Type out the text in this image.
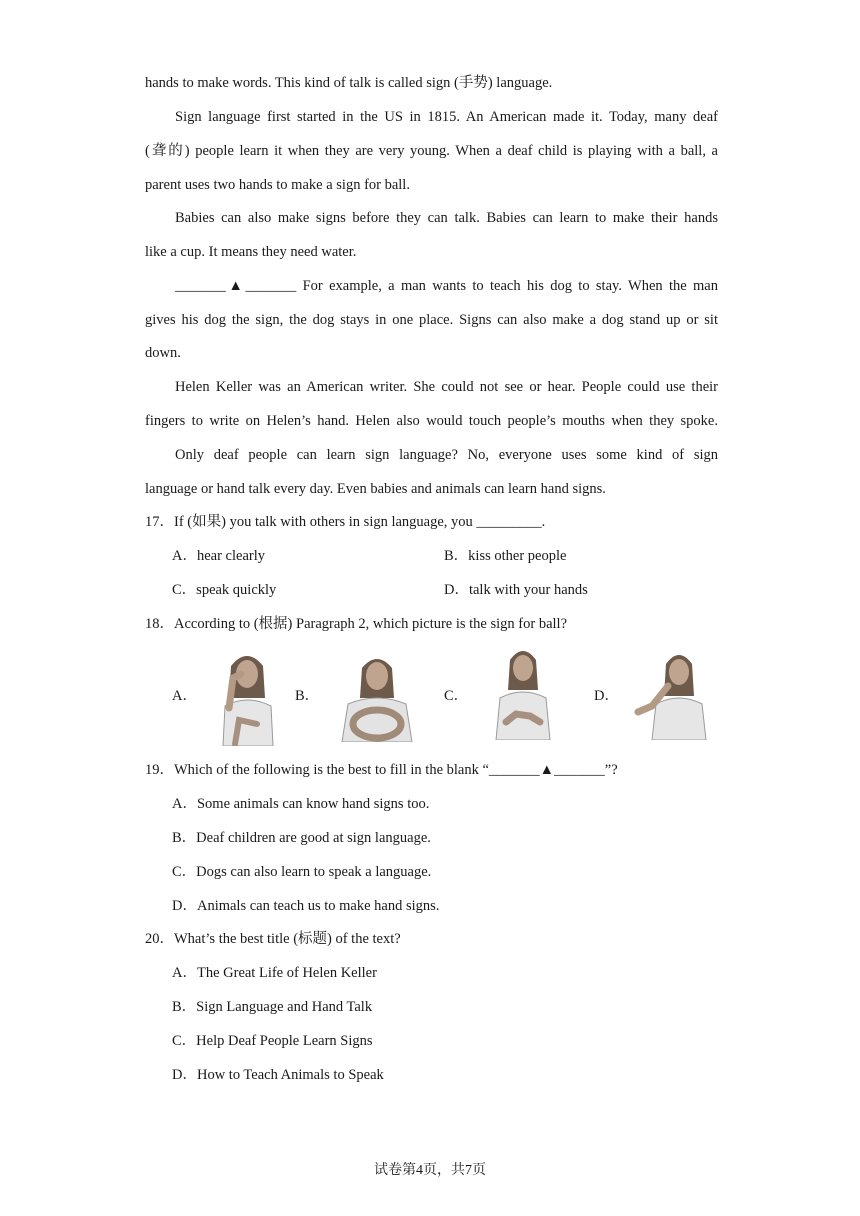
hands to make words. This kind of talk is called sign (手势) language.
Sign language first started in the US in 1815. An American made it. Today, many deaf
(聋的) people learn it when they are very young. When a deaf child is playing with a ball, a
parent uses two hands to make a sign for ball.
Babies can also make signs before they can talk. Babies can learn to make their hands
like a cup. It means they need water.
_______▲_______ For example, a man wants to teach his dog to stay. When the man
gives his dog the sign, the dog stays in one place. Signs can also make a dog stand up or sit
down.
Helen Keller was an American writer. She could not see or hear. People could use their
fingers to write on Helen’s hand. Helen also would touch people’s mouths when they spoke.
Only deaf people can learn sign language? No, everyone uses some kind of sign
language or hand talk every day. Even babies and animals can learn hand signs.
17．If (如果) you talk with others in sign language, you _________.
A．hear clearly	B．kiss other people
C．speak quickly	D．talk with your hands
18．According to (根据) Paragraph 2, which picture is the sign for ball?
A．	B．	C．	D．
19．Which of the following is the best to fill in the blank “_______▲_______”?
A．Some animals can know hand signs too.
B．Deaf children are good at sign language.
C．Dogs can also learn to speak a language.
D．Animals can teach us to make hand signs.
20．What’s the best title (标题) of the text?
A．The Great Life of Helen Keller
B．Sign Language and Hand Talk
C．Help Deaf People Learn Signs
D．How to Teach Animals to Speak
试卷第4页，共7页
